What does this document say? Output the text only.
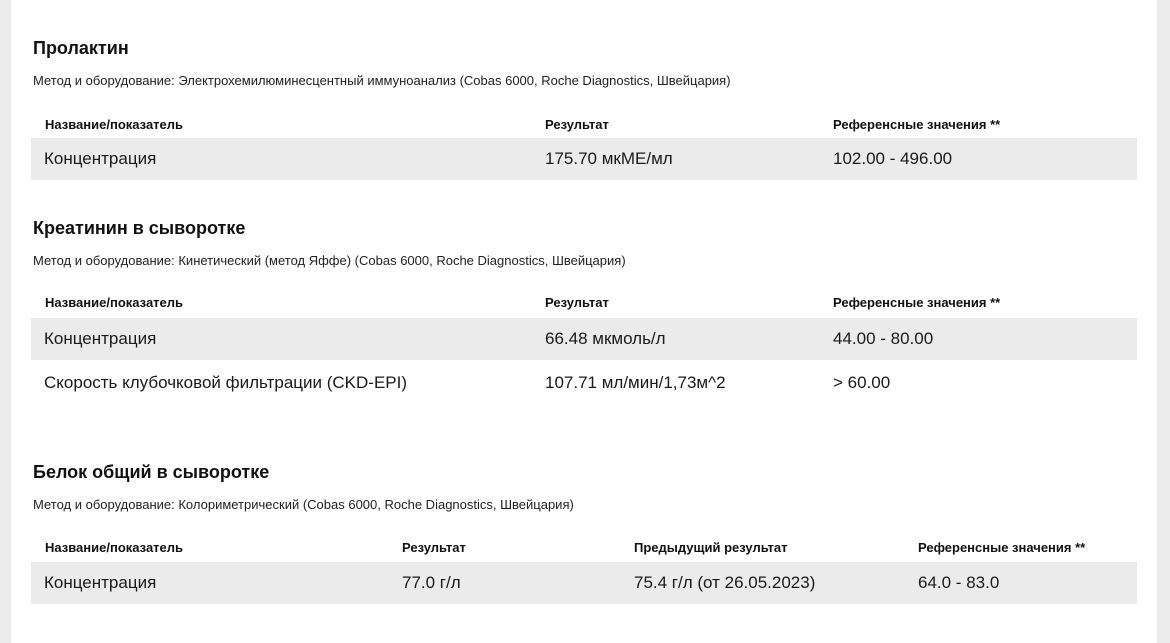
Пролактин
Метод и оборудование: Электрохемилюминесцентный иммуноанализ (Cobas 6000, Roche Diagnostics, Швейцария)
Название/показатель	Результат	Референсные значения **
Концентрация	175.70 мкМЕ/мл	102.00 - 496.00
Креатинин в сыворотке
Метод и оборудование: Кинетический (метод Яффе) (Cobas 6000, Roche Diagnostics, Швейцария)
Название/показатель	Результат	Референсные значения **
Концентрация	66.48 мкмоль/л	44.00 - 80.00
Скорость клубочковой фильтрации (CKD-EPI)	107.71 мл/мин/1,73м^2	> 60.00
Белок общий в сыворотке
Метод и оборудование: Колориметрический (Cobas 6000, Roche Diagnostics, Швейцария)
Название/показатель	Результат	Предыдущий результат	Референсные значения **
Концентрация	77.0 г/л	75.4 г/л (от 26.05.2023)	64.0 - 83.0
